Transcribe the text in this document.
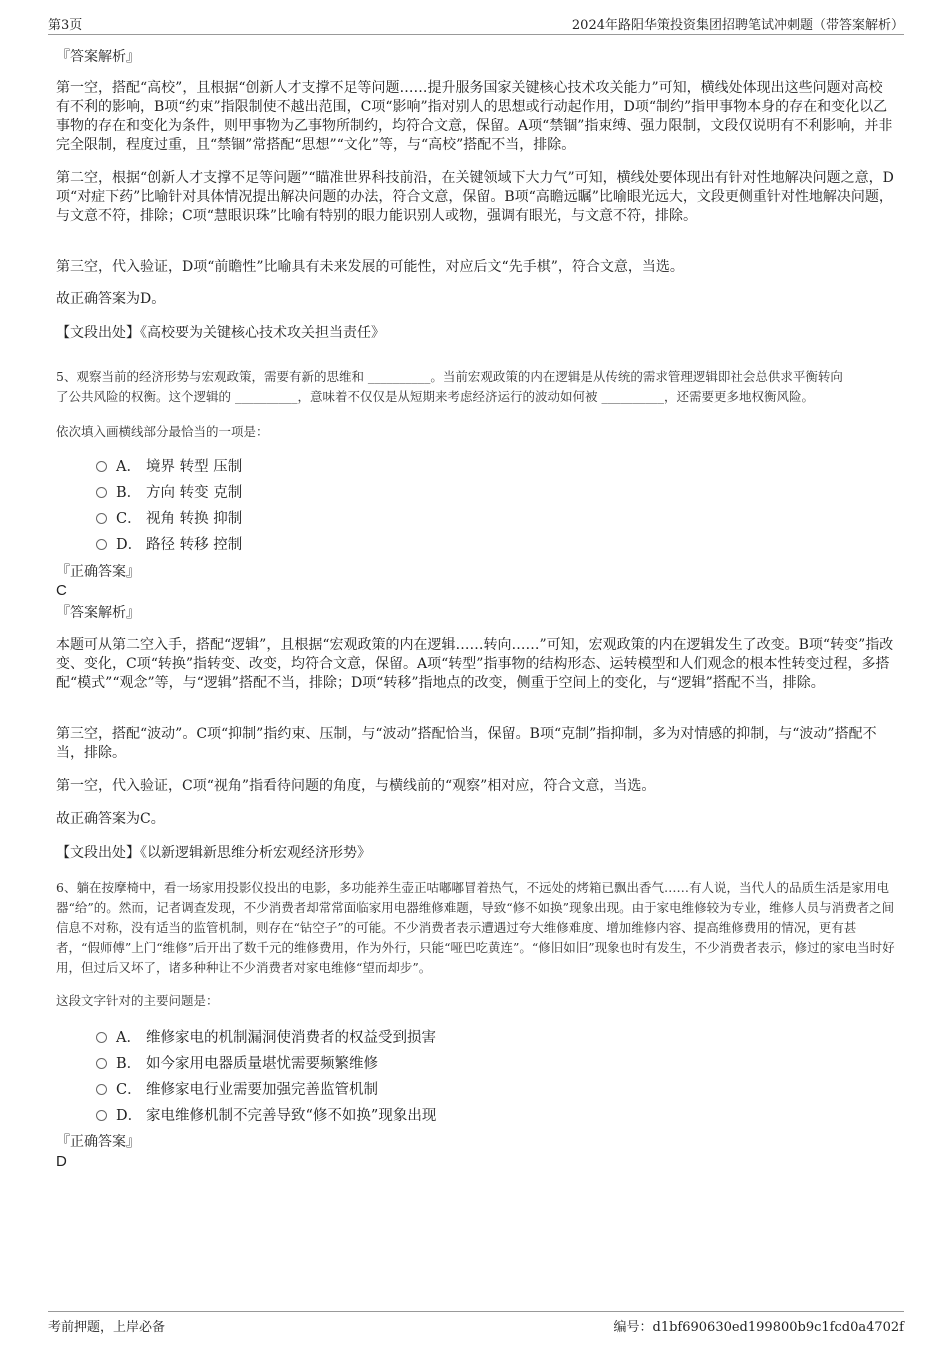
第3页	2024年路阳华策投资集团招聘笔试冲刺题（带答案解析）

『答案解析』

第一空，搭配“高校”，且根据“创新人才支撑不足等问题……提升服务国家关键核心技术攻关能力”可知，横线处体现出这些问题对高校有不利的影响，B项“约束”指限制使不越出范围，C项“影响”指对别人的思想或行动起作用，D项“制约”指甲事物本身的存在和变化以乙事物的存在和变化为条件，则甲事物为乙事物所制约，均符合文意，保留。A项“禁锢”指束缚、强力限制，文段仅说明有不利影响，并非完全限制，程度过重，且“禁锢”常搭配“思想”“文化”等，与“高校”搭配不当，排除。

第二空，根据“创新人才支撑不足等问题”“瞄准世界科技前沿，在关键领域下大力气”可知，横线处要体现出有针对性地解决问题之意，D项“对症下药”比喻针对具体情况提出解决问题的办法，符合文意，保留。B项“高瞻远瞩”比喻眼光远大，文段更侧重针对性地解决问题，与文意不符，排除；C项“慧眼识珠”比喻有特别的眼力能识别人或物，强调有眼光，与文意不符，排除。

第三空，代入验证，D项“前瞻性”比喻具有未来发展的可能性，对应后文“先手棋”，符合文意，当选。

故正确答案为D。

【文段出处】《高校要为关键核心技术攻关担当责任》

5、观察当前的经济形势与宏观政策，需要有新的思维和 __________。当前宏观政策的内在逻辑是从传统的需求管理逻辑即社会总供求平衡转向

了公共风险的权衡。这个逻辑的 __________，意味着不仅仅是从短期来考虑经济运行的波动如何被 __________，还需要更多地权衡风险。

依次填入画横线部分最恰当的一项是：

A． 境界 转型 压制
B． 方向 转变 克制
C． 视角 转换 抑制
D． 路径 转移 控制

『正确答案』

C

『答案解析』

本题可从第二空入手，搭配“逻辑”，且根据“宏观政策的内在逻辑……转向……”可知，宏观政策的内在逻辑发生了改变。B项“转变”指改变、变化，C项“转换”指转变、改变，均符合文意，保留。A项“转型”指事物的结构形态、运转模型和人们观念的根本性转变过程，多搭配“模式”“观念”等，与“逻辑”搭配不当，排除；D项“转移”指地点的改变，侧重于空间上的变化，与“逻辑”搭配不当，排除。

第三空，搭配“波动”。C项“抑制”指约束、压制，与“波动”搭配恰当，保留。B项“克制”指抑制，多为对情感的抑制，与“波动”搭配不当，排除。

第一空，代入验证，C项“视角”指看待问题的角度，与横线前的“观察”相对应，符合文意，当选。

故正确答案为C。

【文段出处】《以新逻辑新思维分析宏观经济形势》

6、躺在按摩椅中，看一场家用投影仪投出的电影，多功能养生壶正咕嘟嘟冒着热气，不远处的烤箱已飘出香气……有人说，当代人的品质生活是家用电器“给”的。然而，记者调查发现，不少消费者却常常面临家用电器维修难题，导致“修不如换”现象出现。由于家电维修较为专业，维修人员与消费者之间信息不对称，没有适当的监管机制，则存在“钻空子”的可能。不少消费者表示遭遇过夸大维修难度、增加维修内容、提高维修费用的情况，更有甚者，“假师傅”上门“维修”后开出了数千元的维修费用，作为外行，只能“哑巴吃黄连”。“修旧如旧”现象也时有发生，不少消费者表示，修过的家电当时好用，但过后又坏了，诸多种种让不少消费者对家电维修“望而却步”。

这段文字针对的主要问题是：

A． 维修家电的机制漏洞使消费者的权益受到损害
B． 如今家用电器质量堪忧需要频繁维修
C． 维修家电行业需要加强完善监管机制
D． 家电维修机制不完善导致“修不如换”现象出现

『正确答案』

D
考前押题，上岸必备	编号：d1bf690630ed199800b9c1fcd0a4702f
